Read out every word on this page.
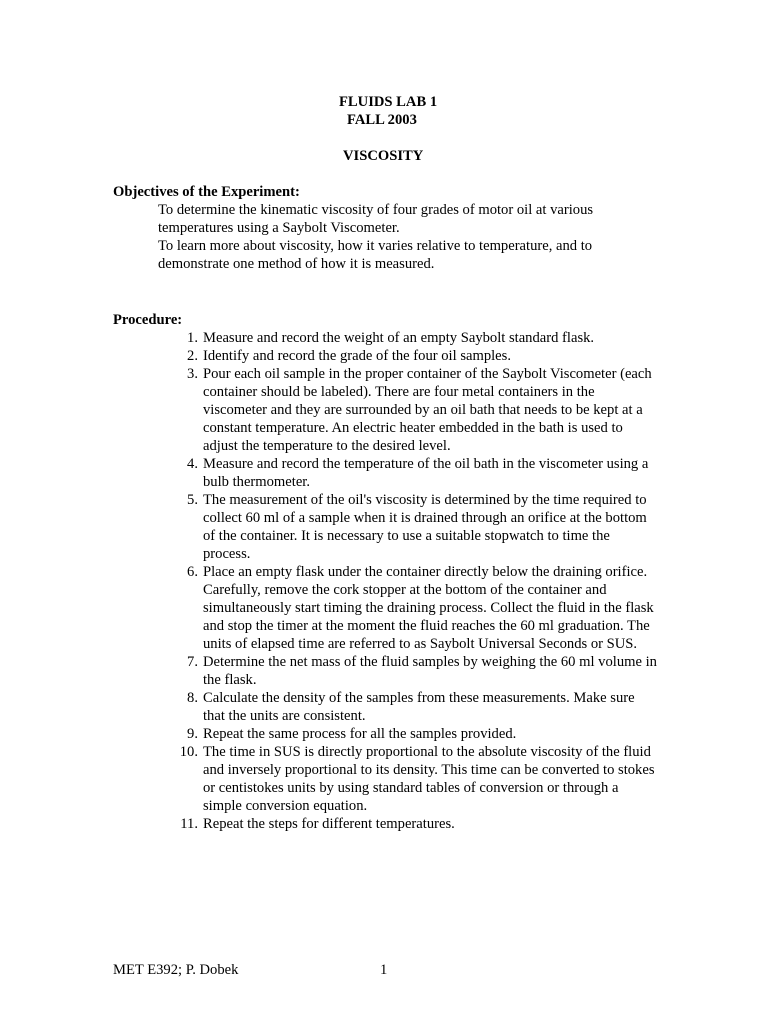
FLUIDS LAB 1
FALL 2003
VISCOSITY
Objectives of the Experiment:

To determine the kinematic viscosity of four grades of motor oil at various temperatures using a Saybolt Viscometer.

To learn more about viscosity, how it varies relative to temperature, and to demonstrate one method of how it is measured.

Procedure:
1. Measure and record the weight of an empty Saybolt standard flask.
2. Identify and record the grade of the four oil samples.
3. Pour each oil sample in the proper container of the Saybolt Viscometer (each container should be labeled). There are four metal containers in the viscometer and they are surrounded by an oil bath that needs to be kept at a constant temperature. An electric heater embedded in the bath is used to adjust the temperature to the desired level.
4. Measure and record the temperature of the oil bath in the viscometer using a bulb thermometer.
5. The measurement of the oil's viscosity is determined by the time required to collect 60 ml of a sample when it is drained through an orifice at the bottom of the container. It is necessary to use a suitable stopwatch to time the process.
6. Place an empty flask under the container directly below the draining orifice. Carefully, remove the cork stopper at the bottom of the container and simultaneously start timing the draining process. Collect the fluid in the flask and stop the timer at the moment the fluid reaches the 60 ml graduation. The units of elapsed time are referred to as Saybolt Universal Seconds or SUS.
7. Determine the net mass of the fluid samples by weighing the 60 ml volume in the flask.
8. Calculate the density of the samples from these measurements. Make sure that the units are consistent.
9. Repeat the same process for all the samples provided.
10. The time in SUS is directly proportional to the absolute viscosity of the fluid and inversely proportional to its density. This time can be converted to stokes or centistokes units by using standard tables of conversion or through a simple conversion equation.
11. Repeat the steps for different temperatures.
MET E392; P. Dobek	1
